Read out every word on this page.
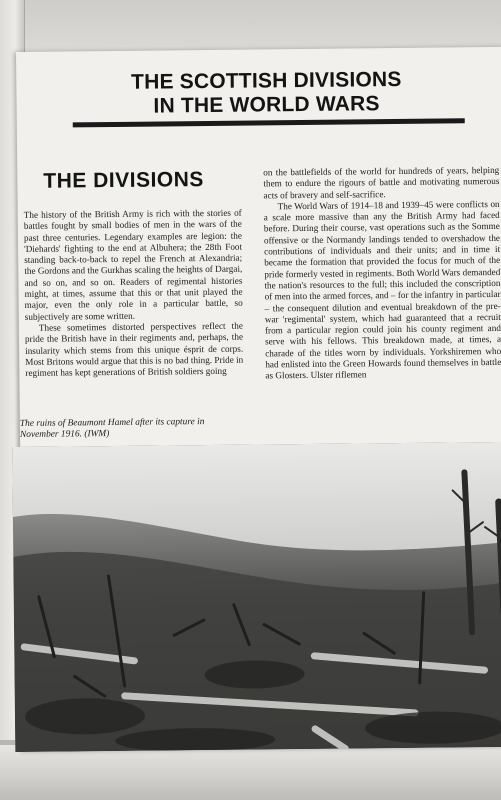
THE SCOTTISH DIVISIONS
IN THE WORLD WARS
THE DIVISIONS

The history of the British Army is rich with the stories of battles fought by small bodies of men in the wars of the past three centuries. Legendary examples are legion: the 'Diehards' fighting to the end at Albuhera; the 28th Foot standing back-to-back to repel the French at Alexandria; the Gordons and the Gurkhas scaling the heights of Dargai, and so on, and so on. Readers of regimental histories might, at times, assume that this or that unit played the major, even the only role in a particular battle, so subjectively are some written.

These sometimes distorted perspectives reflect the pride the British have in their regiments and, perhaps, the insularity which stems from this unique ésprit de corps. Most Britons would argue that this is no bad thing. Pride in regiment has kept generations of British soldiers going

The ruins of Beaumont Hamel after its capture in November 1916. (IWM)

on the battlefields of the world for hundreds of years, helping them to endure the rigours of battle and motivating numerous acts of bravery and self-sacrifice.

The World Wars of 1914–18 and 1939–45 were conflicts on a scale more massive than any the British Army had faced before. During their course, vast operations such as the Somme offensive or the Normandy landings tended to overshadow the contributions of individuals and their units; and in time it became the formation that provided the focus for much of the pride formerly vested in regiments. Both World Wars demanded the nation's resources to the full; this included the conscription of men into the armed forces, and – for the infantry in particular – the consequent dilution and eventual breakdown of the pre-war 'regimental' system, which had guaranteed that a recruit from a particular region could join his county regiment and serve with his fellows. This breakdown made, at times, a charade of the titles worn by individuals. Yorkshiremen who had enlisted into the Green Howards found themselves in battle as Glosters. Ulster riflemen
